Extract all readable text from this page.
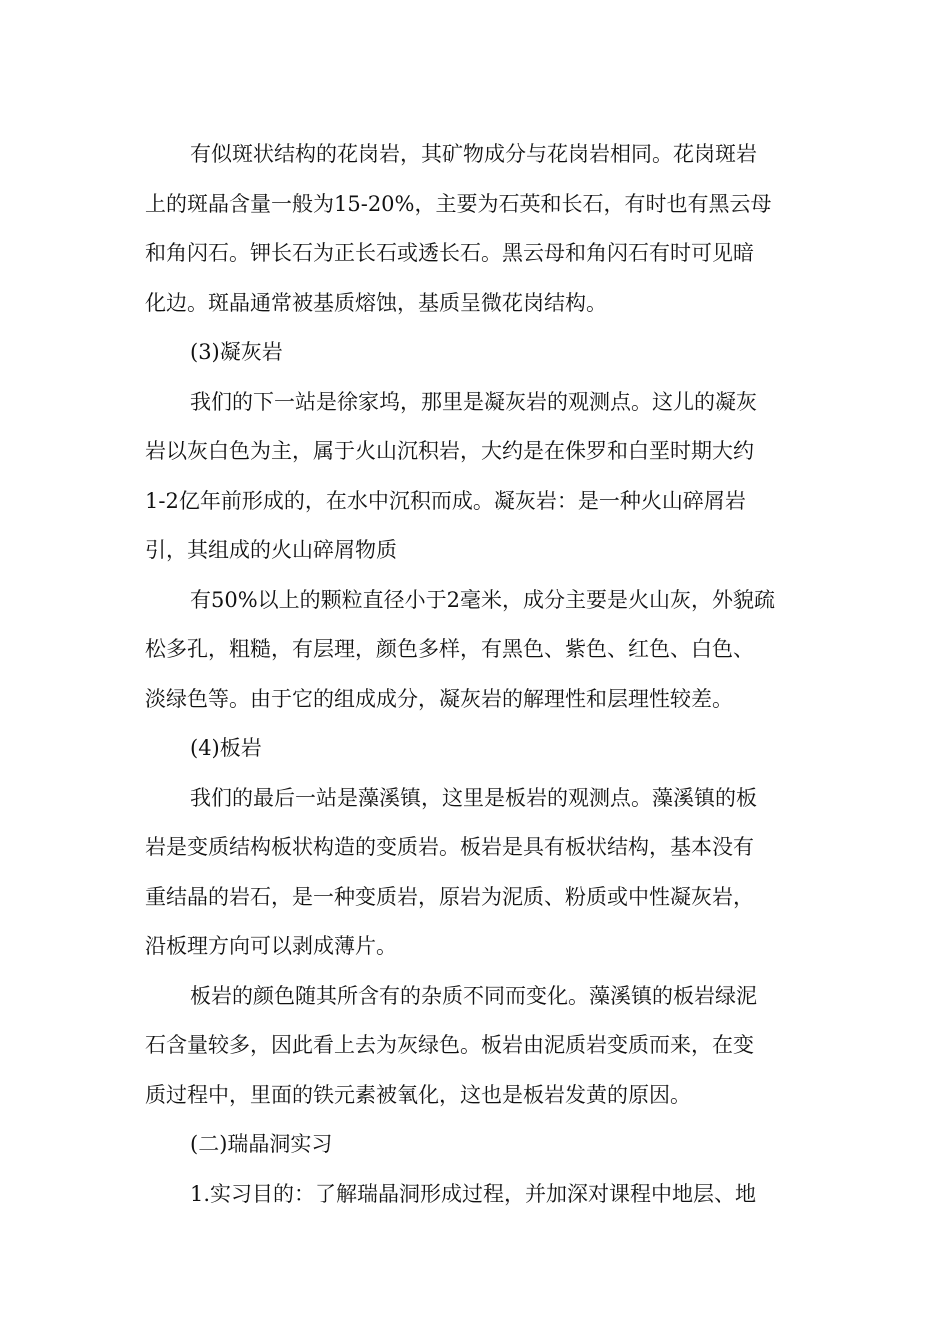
有似斑状结构的花岗岩，其矿物成分与花岗岩相同。花岗斑岩
上的斑晶含量一般为15-20%，主要为石英和长石，有时也有黑云母
和角闪石。钾长石为正长石或透长石。黑云母和角闪石有时可见暗
化边。斑晶通常被基质熔蚀，基质呈微花岗结构。
(3)凝灰岩
我们的下一站是徐家坞，那里是凝灰岩的观测点。这儿的凝灰
岩以灰白色为主，属于火山沉积岩，大约是在侏罗和白垩时期大约
1-2亿年前形成的，在水中沉积而成。凝灰岩：是一种火山碎屑岩
引，其组成的火山碎屑物质
有50%以上的颗粒直径小于2毫米，成分主要是火山灰，外貌疏
松多孔，粗糙，有层理，颜色多样，有黑色、紫色、红色、白色、
淡绿色等。由于它的组成成分，凝灰岩的解理性和层理性较差。
(4)板岩
我们的最后一站是藻溪镇，这里是板岩的观测点。藻溪镇的板
岩是变质结构板状构造的变质岩。板岩是具有板状结构，基本没有
重结晶的岩石，是一种变质岩，原岩为泥质、粉质或中性凝灰岩，
沿板理方向可以剥成薄片。
板岩的颜色随其所含有的杂质不同而变化。藻溪镇的板岩绿泥
石含量较多，因此看上去为灰绿色。板岩由泥质岩变质而来，在变
质过程中，里面的铁元素被氧化，这也是板岩发黄的原因。
(二)瑞晶洞实习
1.实习目的：了解瑞晶洞形成过程，并加深对课程中地层、地
